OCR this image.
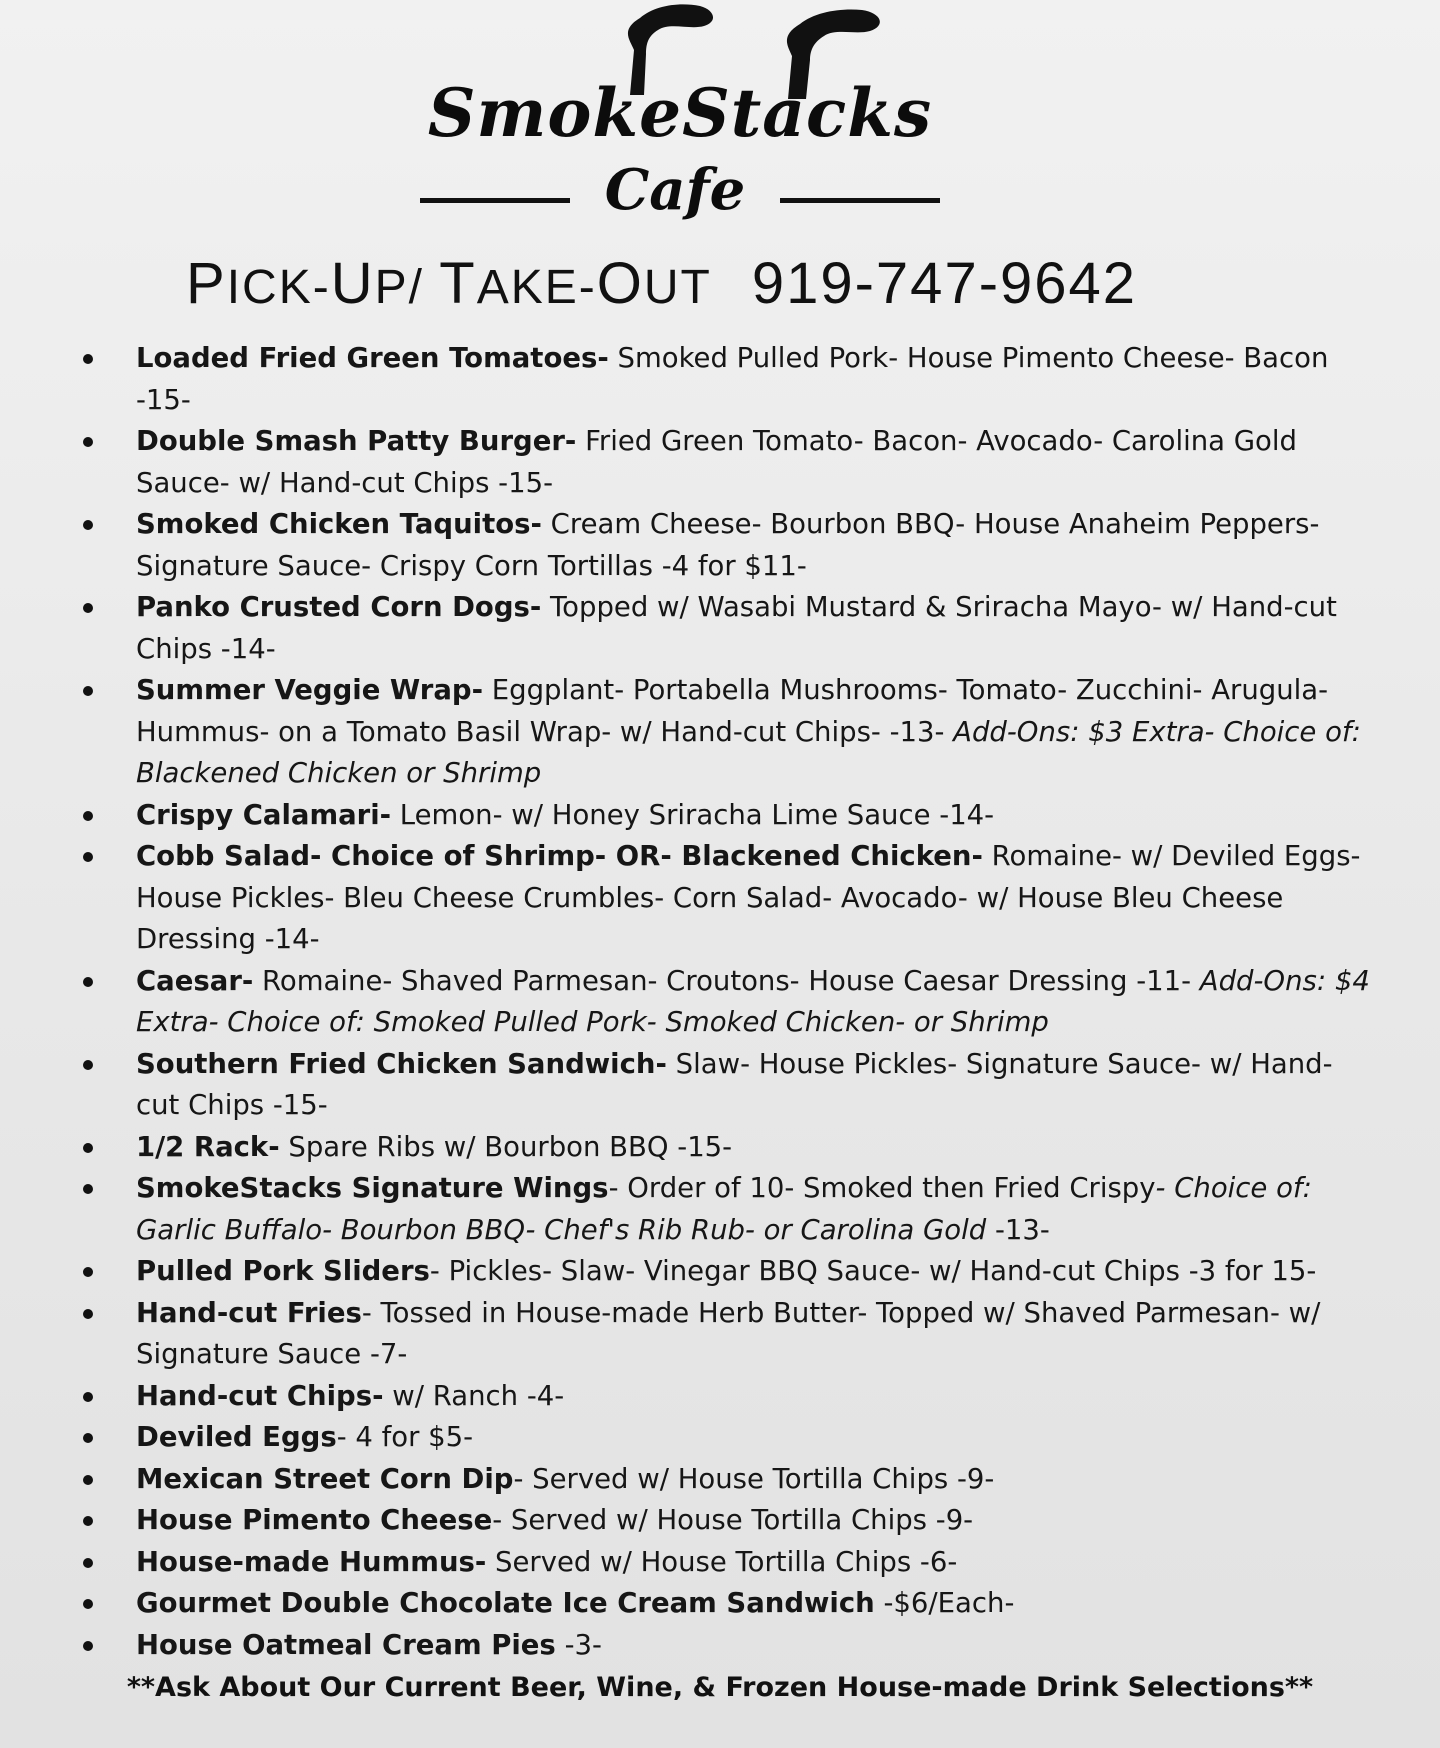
SmokeStacks
Cafe
PICK-UP/ TAKE-OUT 919-747-9642
Loaded Fried Green Tomatoes- Smoked Pulled Pork- House Pimento Cheese- Bacon -15-
Double Smash Patty Burger- Fried Green Tomato- Bacon- Avocado- Carolina Gold Sauce- w/ Hand-cut Chips -15-
Smoked Chicken Taquitos- Cream Cheese- Bourbon BBQ- House Anaheim Peppers- Signature Sauce- Crispy Corn Tortillas -4 for $11-
Panko Crusted Corn Dogs- Topped w/ Wasabi Mustard & Sriracha Mayo- w/ Hand-cut Chips -14-
Summer Veggie Wrap- Eggplant- Portabella Mushrooms- Tomato- Zucchini- Arugula- Hummus- on a Tomato Basil Wrap- w/ Hand-cut Chips- -13- Add-Ons: $3 Extra- Choice of: Blackened Chicken or Shrimp
Crispy Calamari- Lemon- w/ Honey Sriracha Lime Sauce -14-
Cobb Salad- Choice of Shrimp- OR- Blackened Chicken- Romaine- w/ Deviled Eggs- House Pickles- Bleu Cheese Crumbles- Corn Salad- Avocado- w/ House Bleu Cheese Dressing -14-
Caesar- Romaine- Shaved Parmesan- Croutons- House Caesar Dressing -11- Add-Ons: $4 Extra- Choice of: Smoked Pulled Pork- Smoked Chicken- or Shrimp
Southern Fried Chicken Sandwich- Slaw- House Pickles- Signature Sauce- w/ Hand-cut Chips -15-
1/2 Rack- Spare Ribs w/ Bourbon BBQ -15-
SmokeStacks Signature Wings- Order of 10- Smoked then Fried Crispy- Choice of: Garlic Buffalo- Bourbon BBQ- Chef's Rib Rub- or Carolina Gold -13-
Pulled Pork Sliders- Pickles- Slaw- Vinegar BBQ Sauce- w/ Hand-cut Chips -3 for 15-
Hand-cut Fries- Tossed in House-made Herb Butter- Topped w/ Shaved Parmesan- w/ Signature Sauce -7-
Hand-cut Chips- w/ Ranch -4-
Deviled Eggs- 4 for $5-
Mexican Street Corn Dip- Served w/ House Tortilla Chips -9-
House Pimento Cheese- Served w/ House Tortilla Chips -9-
House-made Hummus- Served w/ House Tortilla Chips -6-
Gourmet Double Chocolate Ice Cream Sandwich -$6/Each-
House Oatmeal Cream Pies -3-
**Ask About Our Current Beer, Wine, & Frozen House-made Drink Selections**
